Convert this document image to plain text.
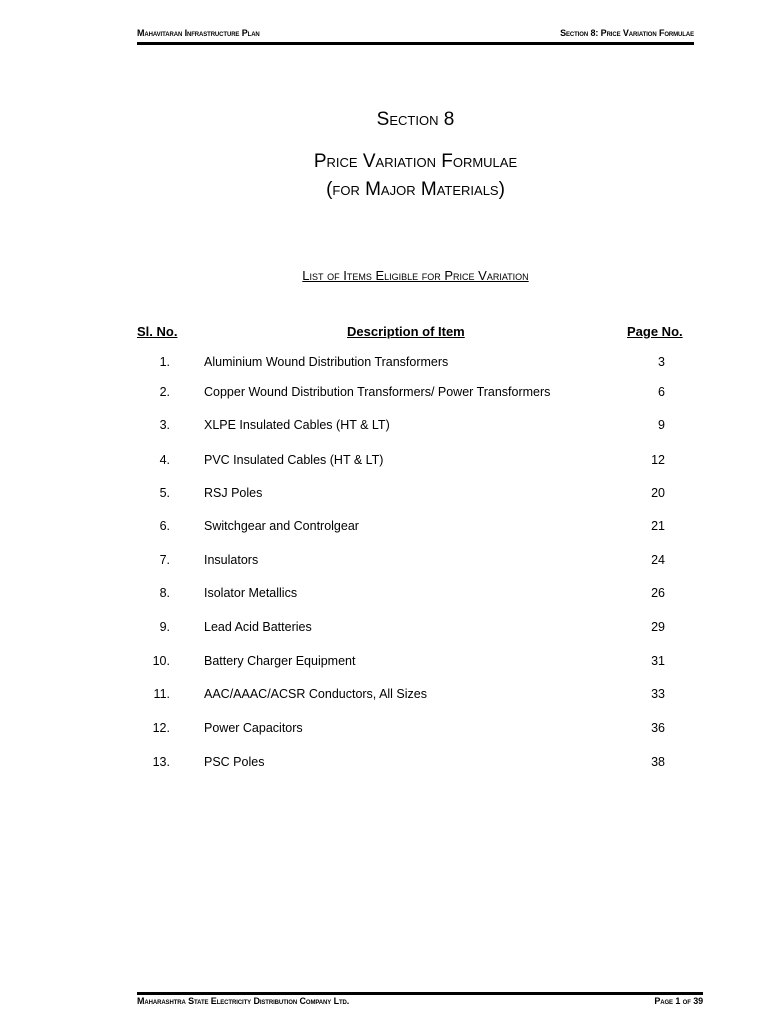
Mahavitaran Infrastructure Plan	Section 8: Price Variation Formulae
Section 8
Price Variation Formulae
(for Major Materials)
List of Items Eligible for Price Variation
Sl. No.	Description of Item	Page No.
1.	Aluminium Wound Distribution Transformers	3
2.	Copper Wound Distribution Transformers/ Power Transformers	6
3.	XLPE Insulated Cables (HT & LT)	9
4.	PVC Insulated Cables (HT & LT)	12
5.	RSJ Poles	20
6.	Switchgear and Controlgear	21
7.	Insulators	24
8.	Isolator Metallics	26
9.	Lead Acid Batteries	29
10.	Battery Charger Equipment	31
11.	AAC/AAAC/ACSR Conductors, All Sizes	33
12.	Power Capacitors	36
13.	PSC Poles	38
Maharashtra State Electricity Distribution Company Ltd.	Page 1 of 39
